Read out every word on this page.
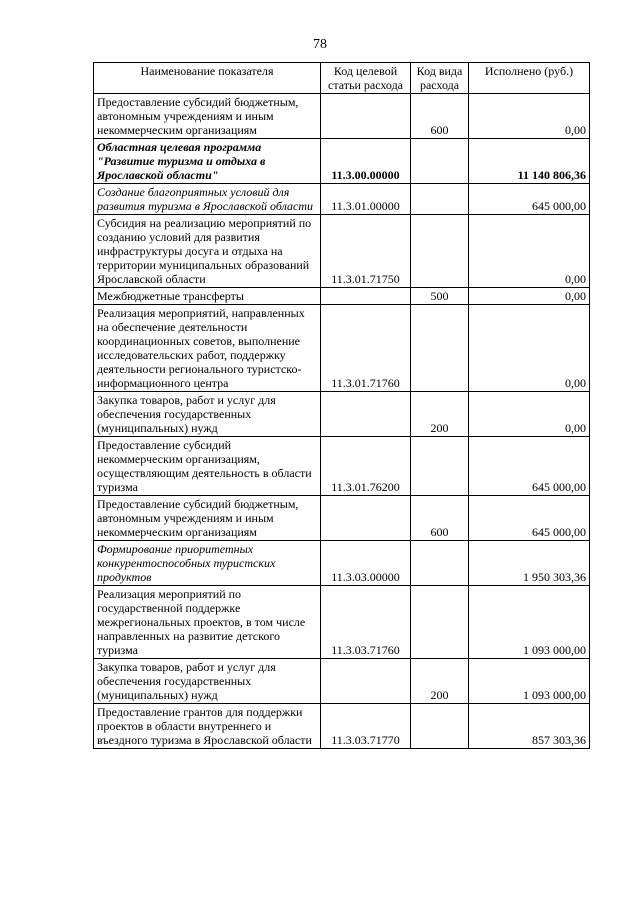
78
Наименование показателя	Код целевой статьи расхода	Код вида расхода	Исполнено (руб.)
Предоставление субсидий бюджетным, автономным учреждениям и иным некоммерческим организациям		600	0,00
Областная целевая программа "Развитие туризма и отдыха в Ярославской области"	11.3.00.00000		11 140 806,36
Создание благоприятных условий для развития туризма в Ярославской области	11.3.01.00000		645 000,00
Субсидия на реализацию мероприятий по созданию условий для развития инфраструктуры досуга и отдыха на территории муниципальных образований Ярославской области	11.3.01.71750		0,00
Межбюджетные трансферты		500	0,00
Реализация мероприятий, направленных на обеспечение деятельности координационных советов, выполнение исследовательских работ, поддержку деятельности регионального туристско-информационного центра	11.3.01.71760		0,00
Закупка товаров, работ и услуг для обеспечения государственных (муниципальных) нужд		200	0,00
Предоставление субсидий некоммерческим организациям, осуществляющим деятельность в области туризма	11.3.01.76200		645 000,00
Предоставление субсидий бюджетным, автономным учреждениям и иным некоммерческим организациям		600	645 000,00
Формирование приоритетных конкурентоспособных туристских продуктов	11.3.03.00000		1 950 303,36
Реализация мероприятий по государственной поддержке межрегиональных проектов, в том числе направленных на развитие детского туризма	11.3.03.71760		1 093 000,00
Закупка товаров, работ и услуг для обеспечения государственных (муниципальных) нужд		200	1 093 000,00
Предоставление грантов для поддержки проектов в области внутреннего и въездного туризма в Ярославской области	11.3.03.71770		857 303,36
